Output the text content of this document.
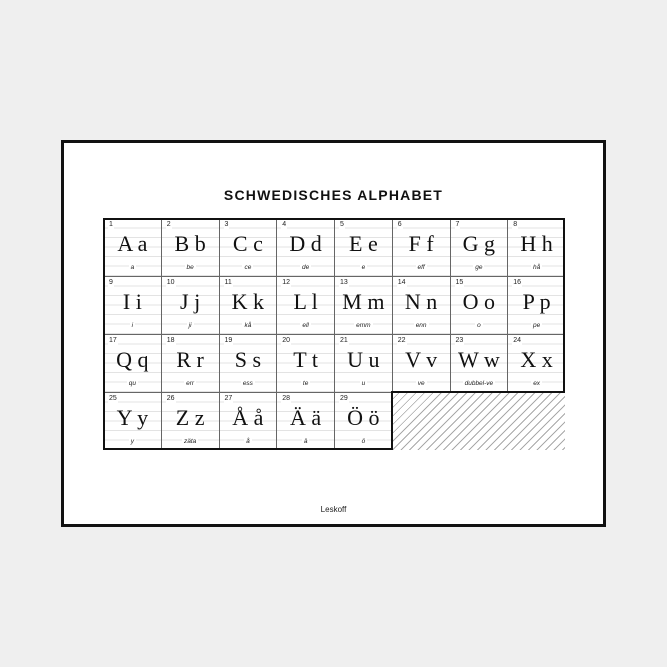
SCHWEDISCHES ALPHABET
1
A a
a
2
B b
be
3
C c
ce
4
D d
de
5
E e
e
6
F f
eff
7
G g
ge
8
H h
hå
9
I i
i
10
J j
ji
11
K k
kå
12
L l
ell
13
M m
emm
14
N n
enn
15
O o
o
16
P p
pe
17
Q q
qu
18
R r
err
19
S s
ess
20
T t
te
21
U u
u
22
V v
ve
23
W w
dubbel-ve
24
X x
ex
25
Y y
y
26
Z z
zäta
27
Å å
å
28
Ä ä
ä
29
Ö ö
ö
Leskoff
